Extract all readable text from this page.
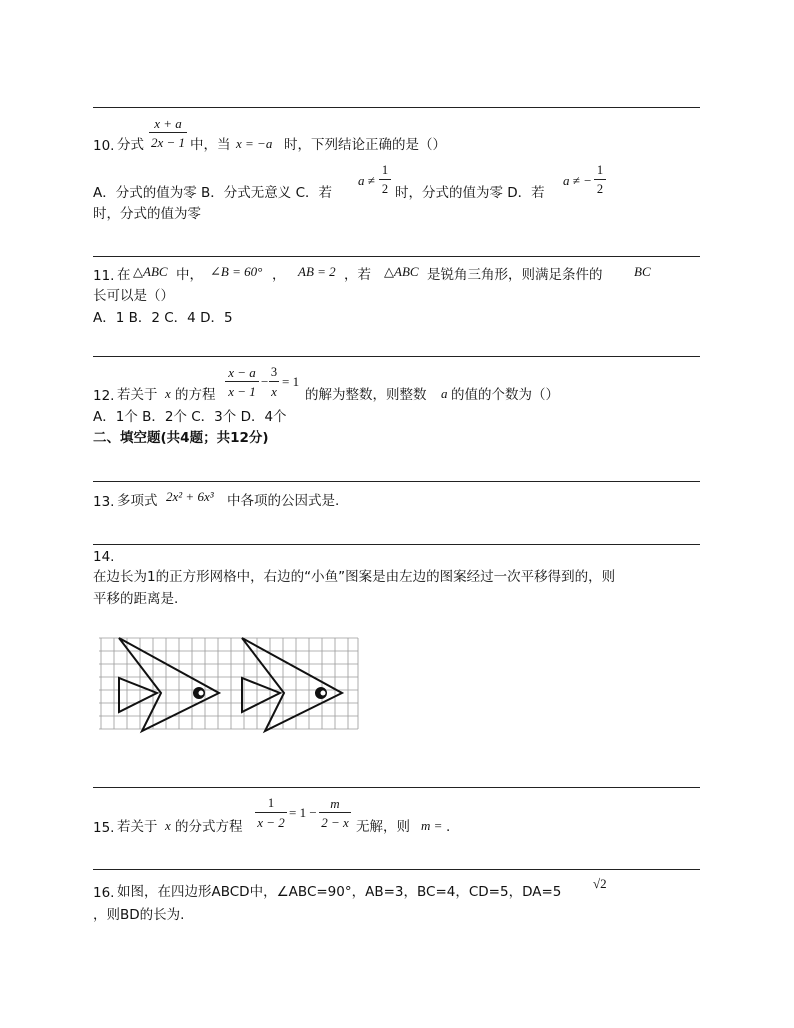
10. 分式
x + a
2x − 1 中，当 x = −a 时，下列结论正确的是（）
A．分式的值为零 B．分式无意义 C．若
a ≠
1
2 时，分式的值为零 D．若
a ≠ −
1
2
时，分式的值为零
11. 在 △ABC 中， ∠B = 60° ， AB = 2 ，若 △ABC 是锐角三角形，则满足条件的 BC
长可以是（）
A．1 B．2 C．4 D．5
12. 若关于 x 的方程
x − a
x − 1
−
3
x
= 1
的解为整数，则整数 a 的值的个数为（）
A．1个 B．2个 C．3个 D．4个
二、填空题(共4题；共12分)
13. 多项式 2x² + 6x³ 中各项的公因式是.
14.
在边长为1的正方形网格中，右边的“小鱼”图案是由左边的图案经过一次平移得到的，则
平移的距离是.
15. 若关于 x 的分式方程
1
x − 2
= 1 −
m
2 − x 无解，则 m = .
16. 如图，在四边形ABCD中，∠ABC=90°，AB=3，BC=4，CD=5，DA=5
√2
，则BD的长为.
